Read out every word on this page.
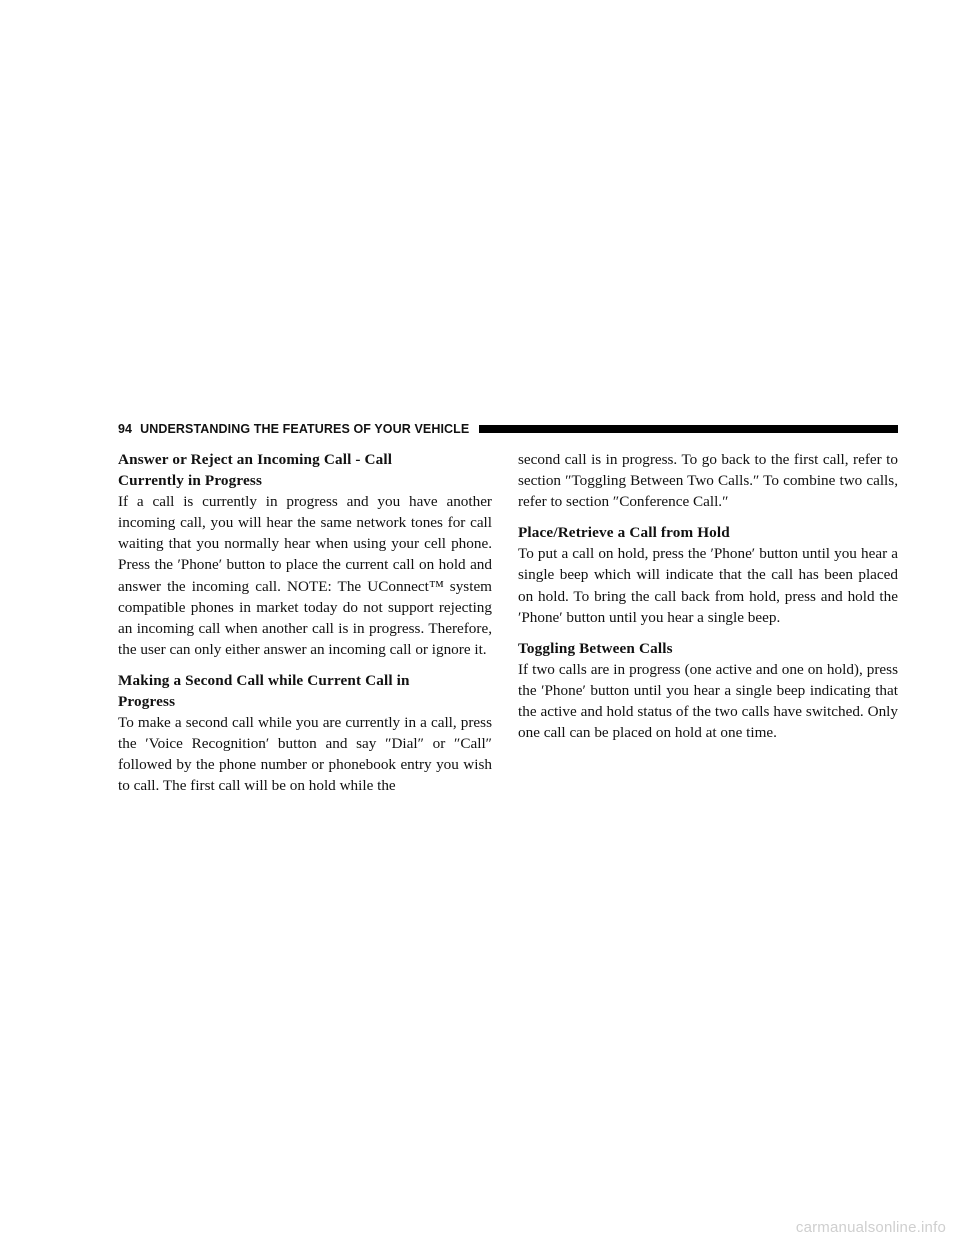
94 UNDERSTANDING THE FEATURES OF YOUR VEHICLE

Answer or Reject an Incoming Call - Call
Currently in Progress

If a call is currently in progress and you have another incoming call, you will hear the same network tones for call waiting that you normally hear when using your cell phone. Press the ′Phone′ button to place the current call on hold and answer the incoming call. NOTE: The UConnect™ system compatible phones in market today do not support rejecting an incoming call when another call is in progress. Therefore, the user can only either answer an incoming call or ignore it.

Making a Second Call while Current Call in
Progress

To make a second call while you are currently in a call, press the ′Voice Recognition′ button and say ″Dial″ or ″Call″ followed by the phone number or phonebook entry you wish to call. The first call will be on hold while the

second call is in progress. To go back to the first call, refer to section ″Toggling Between Two Calls.″ To combine two calls, refer to section ″Conference Call.″

Place/Retrieve a Call from Hold

To put a call on hold, press the ′Phone′ button until you hear a single beep which will indicate that the call has been placed on hold. To bring the call back from hold, press and hold the ′Phone′ button until you hear a single beep.

Toggling Between Calls

If two calls are in progress (one active and one on hold), press the ′Phone′ button until you hear a single beep indicating that the active and hold status of the two calls have switched. Only one call can be placed on hold at one time.

carmanualsonline.info
